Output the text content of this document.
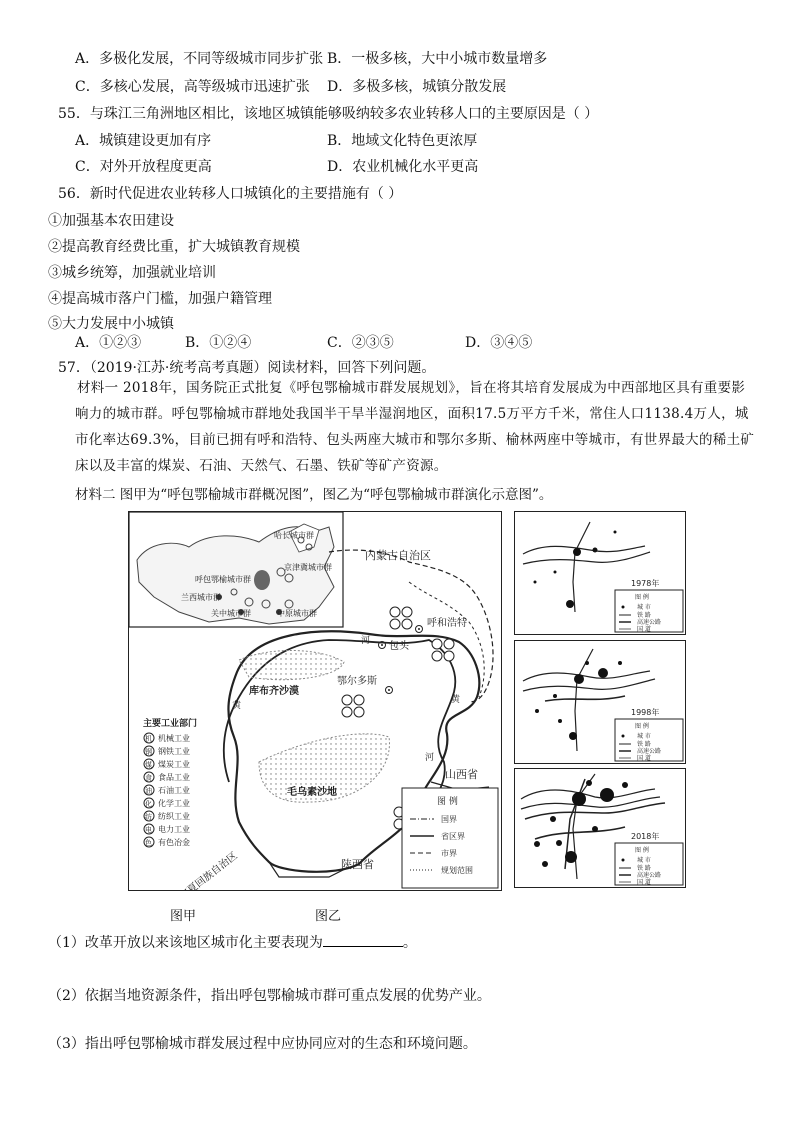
A．多极化发展，不同等级城市同步扩张 B．一极多核，大中小城市数量增多
C．多核心发展，高等级城市迅速扩张 D．多极多核，城镇分散发展
55．与珠江三角洲地区相比，该地区城镇能够吸纳较多农业转移人口的主要原因是（ ）
A．城镇建设更加有序	B．地域文化特色更浓厚
C．对外开放程度更高	D．农业机械化水平更高
56．新时代促进农业转移人口城镇化的主要措施有（ ）
①加强基本农田建设
②提高教育经费比重，扩大城镇教育规模
③城乡统筹，加强就业培训
④提高城市落户门槛，加强户籍管理
⑤大力发展中小城镇
A．①②③	B．①②④	C．②③⑤	D．③④⑤
57．（2019·江苏·统考高考真题）阅读材料，回答下列问题。
材料一 2018年，国务院正式批复《呼包鄂榆城市群发展规划》，旨在将其培育发展成为中西部地区具有重要影响力的城市群。呼包鄂榆城市群地处我国半干旱半湿润地区，面积17.5万平方千米，常住人口1138.4万人，城市化率达69.3%，目前已拥有呼和浩特、包头两座大城市和鄂尔多斯、榆林两座中等城市，有世界最大的稀土矿床以及丰富的煤炭、石油、天然气、石墨、铁矿等矿产资源。
材料二 图甲为“呼包鄂榆城市群概况图”，图乙为“呼包鄂榆城市群演化示意图”。
哈长城市群
京津冀城市群
呼包鄂榆城市群
兰西城市群
关中城市群	中原城市群
内蒙古自治区
山西省
陕西省
库布齐沙漠
毛乌素沙地
河
黄
黄
河
包头
呼和浩特
鄂尔多斯
主要工业部门
机 机械工业
钢 钢铁工业
煤 煤炭工业
食 食品工业
油 石油工业
化 化学工业
纺 纺织工业
电 电力工业
色 有色冶金
宁夏回族自治区
图 例
国界
省区界
市界
规划范围
1978年
图 例
城 市
铁 路
高速公路
国 道
1998年
图 例
城 市
铁 路
高速公路
国 道
2018年
图 例
城 市
铁 路
高速公路
国 道
图甲	图乙
（1）改革开放以来该地区城市化主要表现为	。
（2）依据当地资源条件，指出呼包鄂榆城市群可重点发展的优势产业。
（3）指出呼包鄂榆城市群发展过程中应协同应对的生态和环境问题。
